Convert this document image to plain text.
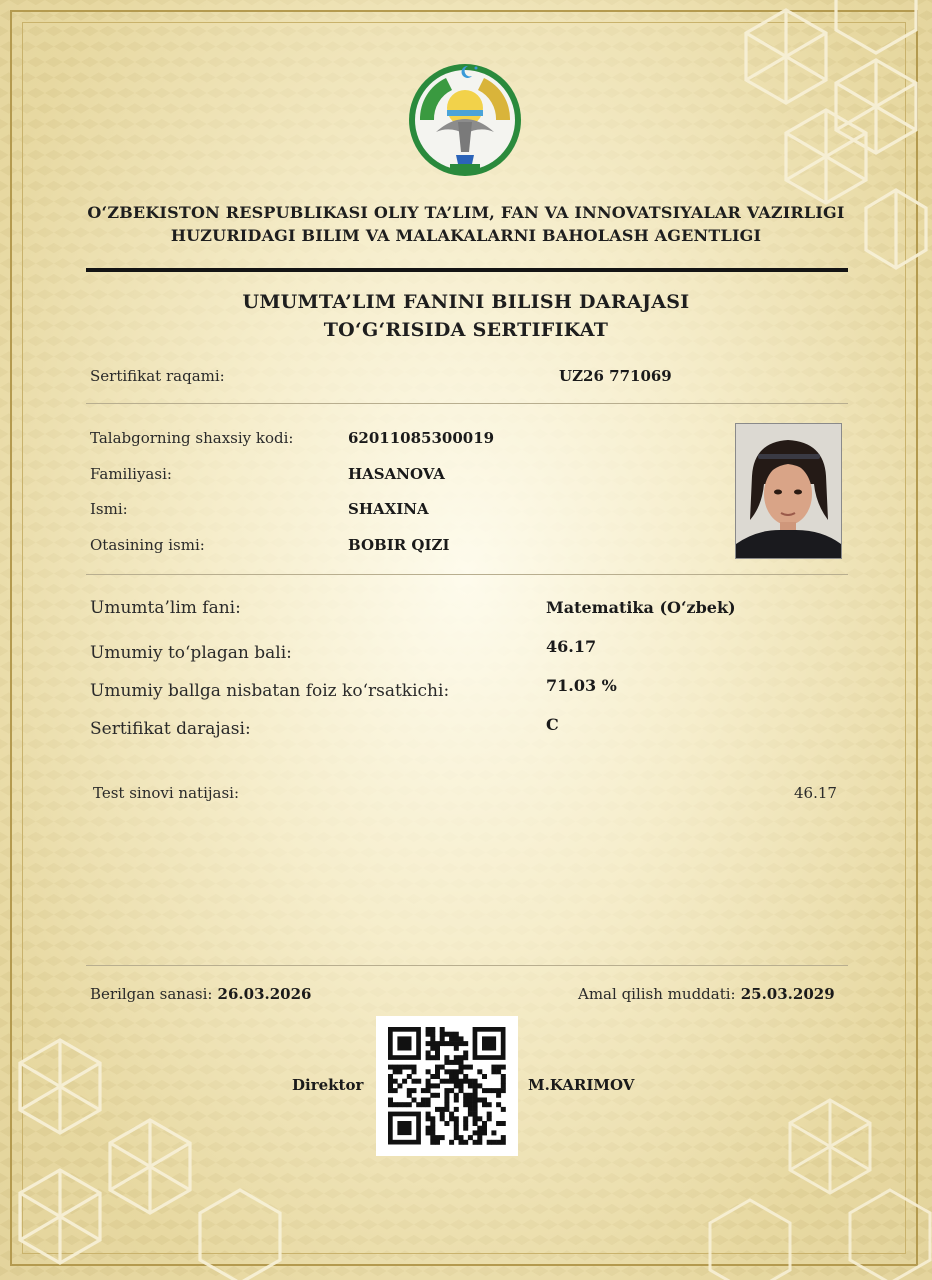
O‘ZBEKISTON RESPUBLIKASI OLIY TA’LIM, FAN VA INNOVATSIYALAR VAZIRLIGI
HUZURIDAGI BILIM VA MALAKALARNI BAHOLASH AGENTLIGI
UMUMTA’LIM FANINI BILISH DARAJASI
TO‘G‘RISIDA SERTIFIKAT
Sertifikat raqami:	UZ26 771069
Talabgorning shaxsiy kodi:	62011085300019
Familiyasi:	HASANOVA
Ismi:	SHAXINA
Otasining ismi:	BOBIR QIZI
Umumta’lim fani:	Matematika (O‘zbek)
Umumiy to‘plagan bali:	46.17
Umumiy ballga nisbatan foiz ko‘rsatkichi:	71.03 %
Sertifikat darajasi:	C
Test sinovi natijasi:	46.17
Berilgan sanasi: 26.03.2026	Amal qilish muddati: 25.03.2029
Direktor	M.KARIMOV
